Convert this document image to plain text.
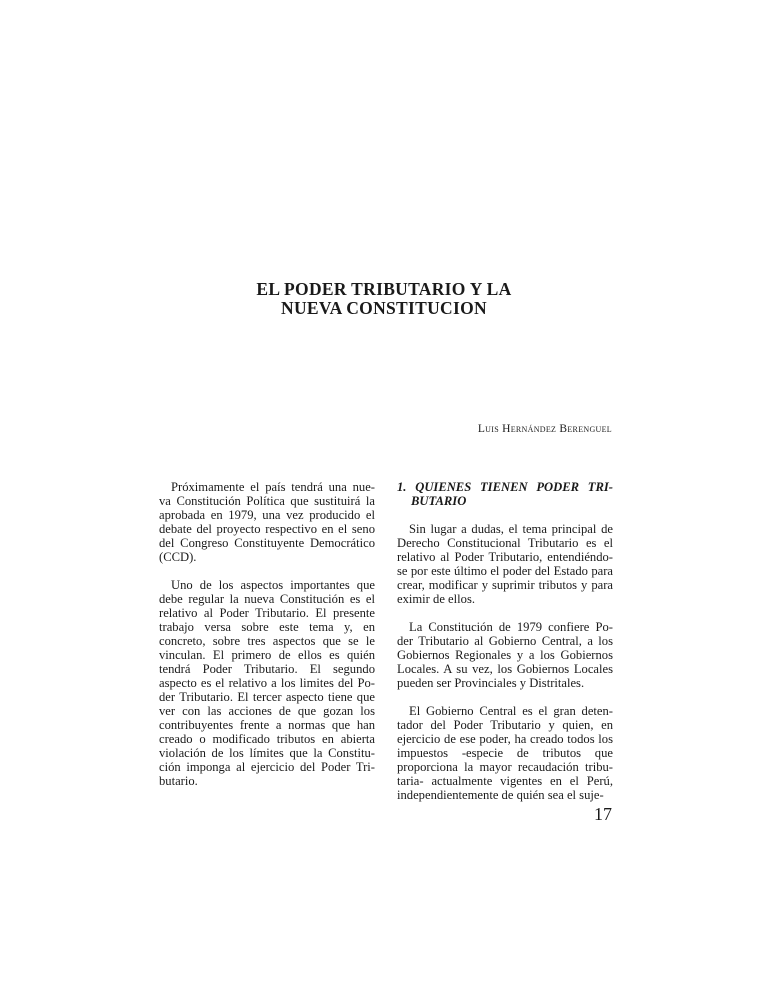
EL PODER TRIBUTARIO Y LA
NUEVA CONSTITUCION
Luis Hernández Berenguel
Próximamente el país tendrá una nue-
va Constitución Política que sustituirá la
aprobada en 1979, una vez producido el
debate del proyecto respectivo en el seno
del Congreso Constituyente Democrático
(CCD).
Uno de los aspectos importantes que
debe regular la nueva Constitución es el
relativo al Poder Tributario. El presente
trabajo versa sobre este tema y, en
concreto, sobre tres aspectos que se le
vinculan. El primero de ellos es quién
tendrá Poder Tributario. El segundo
aspecto es el relativo a los limites del Po-
der Tributario. El tercer aspecto tiene que
ver con las acciones de que gozan los
contribuyentes frente a normas que han
creado o modificado tributos en abierta
violación de los límites que la Constitu-
ción imponga al ejercicio del Poder Tri-
butario.
1. QUIENES TIENEN PODER TRI-
BUTARIO
Sin lugar a dudas, el tema principal de
Derecho Constitucional Tributario es el
relativo al Poder Tributario, entendiéndo-
se por este último el poder del Estado para
crear, modificar y suprimir tributos y para
eximir de ellos.
La Constitución de 1979 confiere Po-
der Tributario al Gobierno Central, a los
Gobiernos Regionales y a los Gobiernos
Locales. A su vez, los Gobiernos Locales
pueden ser Provinciales y Distritales.
El Gobierno Central es el gran deten-
tador del Poder Tributario y quien, en
ejercicio de ese poder, ha creado todos los
impuestos -especie de tributos que
proporciona la mayor recaudación tribu-
taria- actualmente vigentes en el Perú,
independientemente de quién sea el suje-
17
